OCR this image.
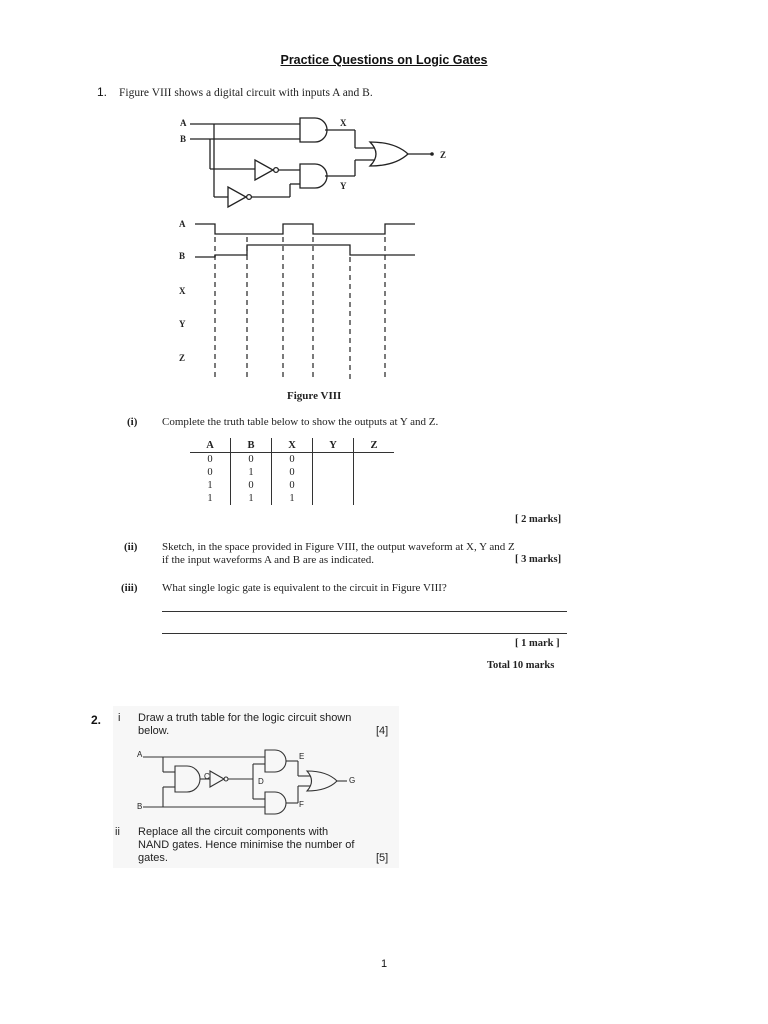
Practice Questions on Logic Gates
1. Figure VIII shows a digital circuit with inputs A and B.
A
B
X
Y
Z
A
B
X
Y
Z
Figure VIII
(i) Complete the truth table below to show the outputs at Y and Z.
A	B	X	Y	Z
0	0	0		
0	1	0		
1	0	0		
1	1	1		
[ 2 marks]
(ii) Sketch, in the space provided in Figure VIII, the output waveform at X, Y and Z
if the input waveforms A and B are as indicated.	[ 3 marks]
(iii) What single logic gate is equivalent to the circuit in Figure VIII?
[ 1 mark ]
Total 10 marks
2. i Draw a truth table for the logic circuit shown
below.	[4]
A
B
C
D
E
F
G
ii Replace all the circuit components with
NAND gates. Hence minimise the number of
gates.	[5]
1
